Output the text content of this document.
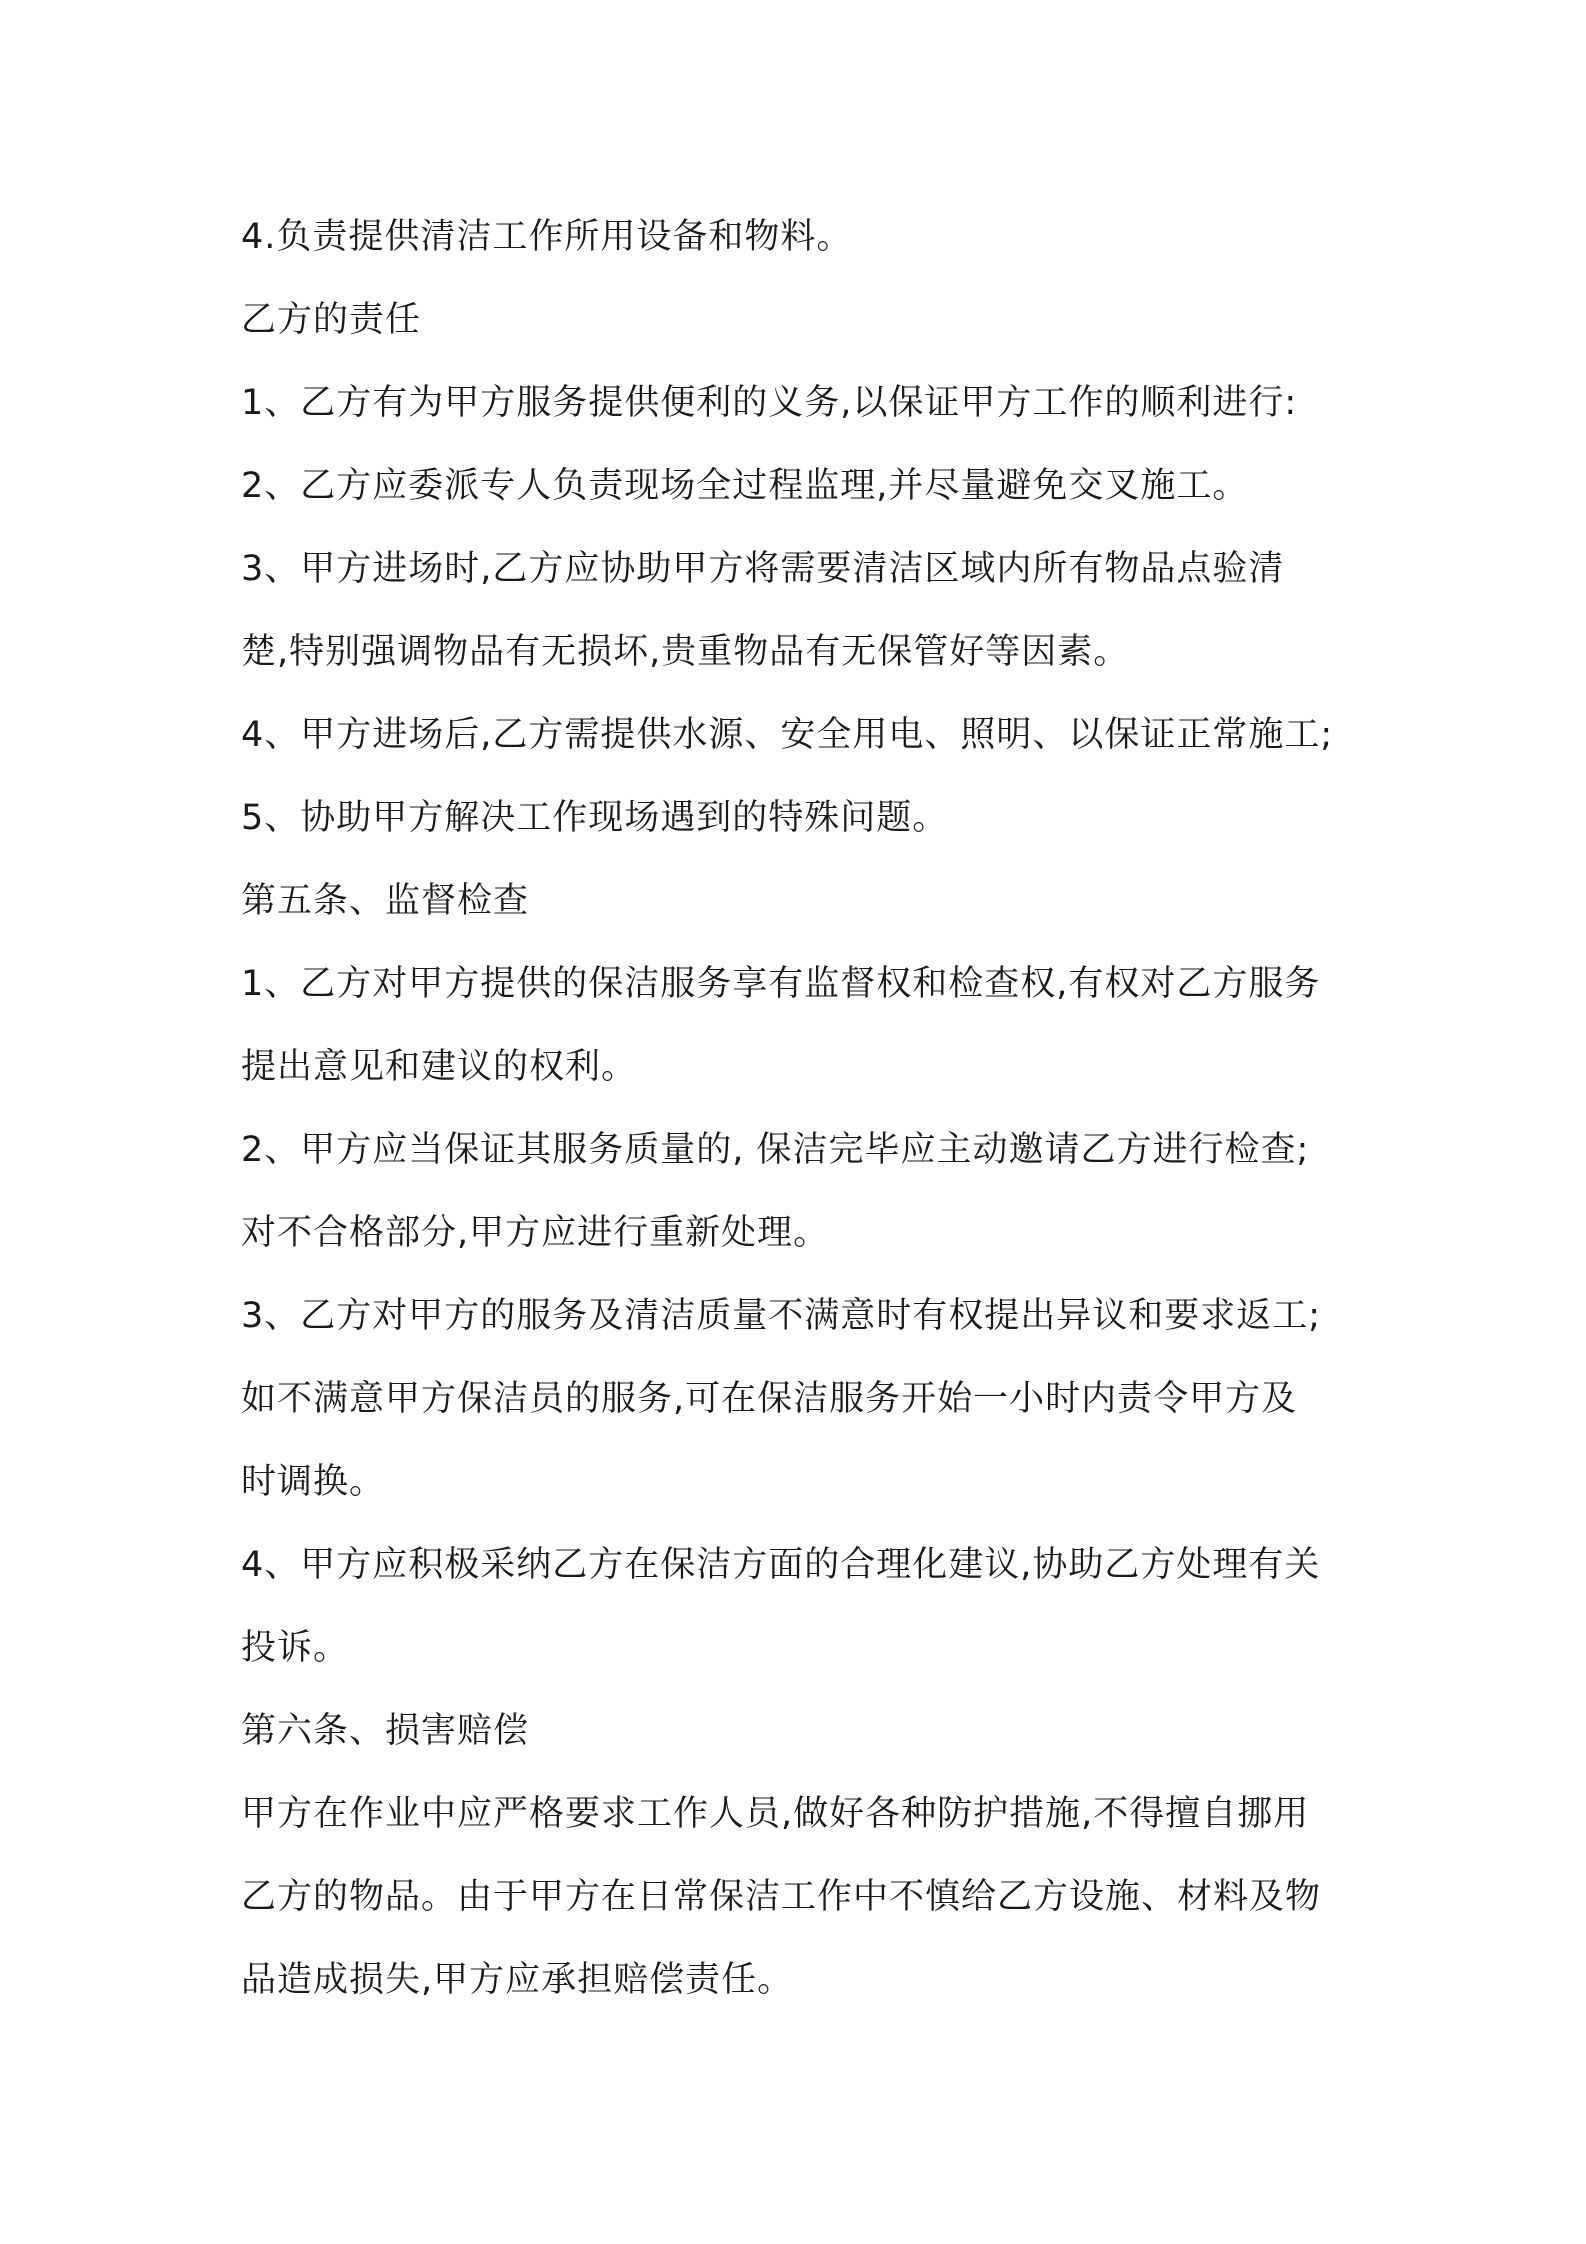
4.负责提供清洁工作所用设备和物料。

乙方的责任

1、乙方有为甲方服务提供便利的义务,以保证甲方工作的顺利进行:

2、乙方应委派专人负责现场全过程监理,并尽量避免交叉施工。

3、甲方进场时,乙方应协助甲方将需要清洁区域内所有物品点验清

楚,特别强调物品有无损坏,贵重物品有无保管好等因素。

4、甲方进场后,乙方需提供水源、安全用电、照明、以保证正常施工;

5、协助甲方解决工作现场遇到的特殊问题。

第五条、监督检查

1、乙方对甲方提供的保洁服务享有监督权和检查权,有权对乙方服务

提出意见和建议的权利。

2、甲方应当保证其服务质量的, 保洁完毕应主动邀请乙方进行检查;

对不合格部分,甲方应进行重新处理。

3、乙方对甲方的服务及清洁质量不满意时有权提出异议和要求返工;

如不满意甲方保洁员的服务,可在保洁服务开始一小时内责令甲方及

时调换。

4、甲方应积极采纳乙方在保洁方面的合理化建议,协助乙方处理有关

投诉。

第六条、损害赔偿

甲方在作业中应严格要求工作人员,做好各种防护措施,不得擅自挪用

乙方的物品。由于甲方在日常保洁工作中不慎给乙方设施、材料及物

品造成损失,甲方应承担赔偿责任。
